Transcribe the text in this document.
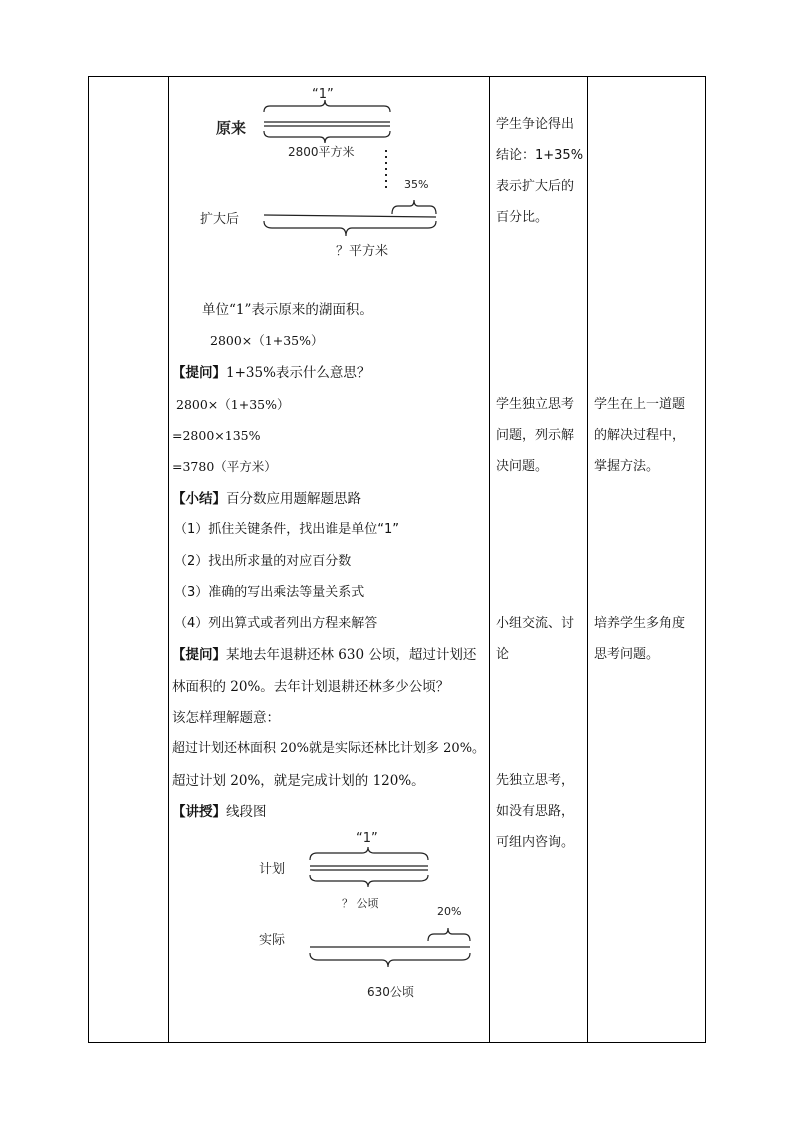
“1”
原来
2800平方米
35%
扩大后
？平方米
单位“1”表示原来的湖面积。
2800×（1+35%）
【提问】1+35%表示什么意思？
2800×（1+35%）
=2800×135%
=3780（平方米）
【小结】百分数应用题解题思路
（1）抓住关键条件，找出谁是单位“1”
（2）找出所求量的对应百分数
（3）准确的写出乘法等量关系式
（4）列出算式或者列出方程来解答
【提问】某地去年退耕还林 630 公顷，超过计划还
林面积的 20%。去年计划退耕还林多少公顷？
该怎样理解题意：
超过计划还林面积 20%就是实际还林比计划多 20%。
超过计划 20%，就是完成计划的 120%。
【讲授】线段图
“1”
计划
？ 公顷
20%
实际
630公顷
学生争论得出
结论：1+35%
表示扩大后的
百分比。
学生独立思考
问题，列示解
决问题。
小组交流、讨
论
先独立思考，
如没有思路，
可组内咨询。
学生在上一道题
的解决过程中，
掌握方法。
培养学生多角度
思考问题。
